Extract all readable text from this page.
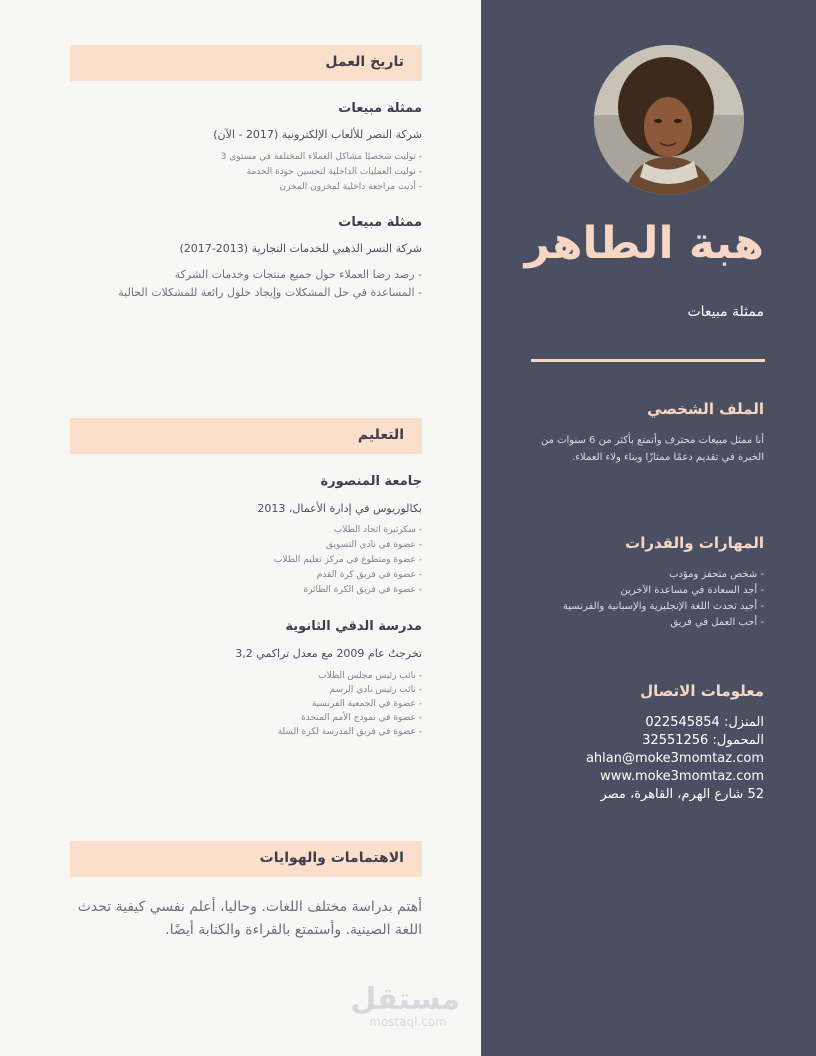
هبة الطاهر
ممثلة مبيعات
الملف الشخصي
أنا ممثل مبيعات محترف وأتمتع بأكثر من 6 سنوات من الخبرة في تقديم دعمًا ممتازًا وبناء ولاء العملاء.
المهارات والقدرات
- شخص متحفز ومؤدب
- أجد السعادة في مساعدة الآخرين
- أجيد تحدث اللغة الإنجليزية والإسبانية والفرنسية
- أحب العمل في فريق
معلومات الاتصال
المنزل: 022545854
المحمول: 32551256
ahlan@moke3momtaz.com
www.moke3momtaz.com
52 شارع الهرم، القاهرة، مصر
تاريخ العمل
ممثلة مبيعات
شركة النصر للألعاب الإلكترونية (2017 - الآن)
- توليت شخصيًا مشاكل العملاء المختلفة في مستوى 3
- توليت العمليات الداخلية لتحسين جودة الخدمة
- أديت مراجعة داخلية لمخزون المخزن
ممثلة مبيعات
شركة النسر الذهبي للخدمات التجارية (2013-2017)
- رصد رضا العملاء حول جميع منتجات وخدمات الشركة
- المساعدة في حل المشكلات وإيجاد حلول رائعة للمشكلات الحالية
التعليم
جامعة المنصورة
بكالوريوس في إدارة الأعمال، 2013
- سكرتيرة اتحاد الطلاب
- عضوة في نادي التسويق
- عضوة ومتطوع في مركز تعليم الطلاب
- عضوة في فريق كرة القدم
- عضوة في فريق الكرة الطائرة
مدرسة الدقي الثانوية
تخرجتُ عام 2009 مع معدل تراكمي 3,2
- نائب رئيس مجلس الطلاب
- نائب رئيس نادي الرسم
- عضوة في الجمعية الفرنسية
- عضوة في نموذج الأمم المتحدة
- عضوة في فريق المدرسة لكرة السلة
الاهتمامات والهوايات
أهتم بدراسة مختلف اللغات. وحاليا، أعلم نفسي كيفية تحدث اللغة الصينية. وأستمتع بالقراءة والكتابة أيضًا.
مستقل
mostaql.com
